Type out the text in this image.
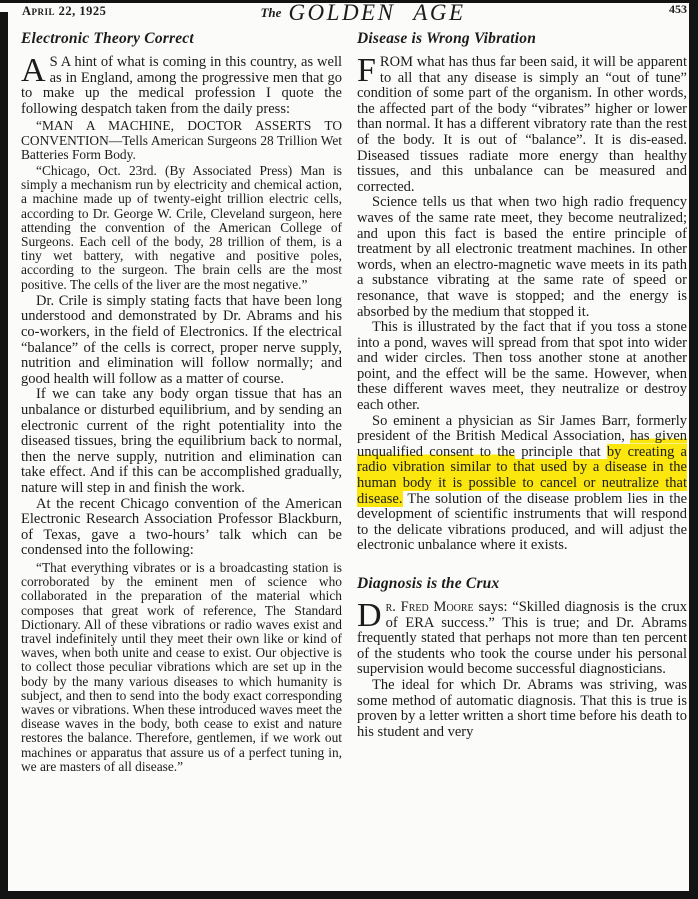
April 22, 1925	The GOLDEN AGE	453
Electronic Theory Correct

A S A hint of what is coming in this country, as well as in England, among the progressive men that go to make up the medical profession I quote the following despatch taken from the daily press:

“MAN A MACHINE, DOCTOR ASSERTS TO CONVENTION—Tells American Surgeons 28 Trillion Wet Batteries Form Body.

“Chicago, Oct. 23rd. (By Associated Press) Man is simply a mechanism run by electricity and chemical action, a machine made up of twenty-eight trillion electric cells, according to Dr. George W. Crile, Cleveland surgeon, here attending the convention of the American College of Surgeons. Each cell of the body, 28 trillion of them, is a tiny wet battery, with negative and positive poles, according to the surgeon. The brain cells are the most positive. The cells of the liver are the most negative.”

Dr. Crile is simply stating facts that have been long understood and demonstrated by Dr. Abrams and his co-workers, in the field of Electronics. If the electrical “balance” of the cells is correct, proper nerve supply, nutrition and elimination will follow normally; and good health will follow as a matter of course.

If we can take any body organ tissue that has an unbalance or disturbed equilibrium, and by sending an electronic current of the right potentiality into the diseased tissues, bring the equilibrium back to normal, then the nerve supply, nutrition and elimination can take effect. And if this can be accomplished gradually, nature will step in and finish the work.

At the recent Chicago convention of the American Electronic Research Association Professor Blackburn, of Texas, gave a two-hours’ talk which can be condensed into the following:

“That everything vibrates or is a broadcasting station is corroborated by the eminent men of science who collaborated in the preparation of the material which composes that great work of reference, The Standard Dictionary. All of these vibrations or radio waves exist and travel indefinitely until they meet their own like or kind of waves, when both unite and cease to exist. Our objective is to collect those peculiar vibrations which are set up in the body by the many various diseases to which humanity is subject, and then to send into the body exact corresponding waves or vibrations. When these introduced waves meet the disease waves in the body, both cease to exist and nature restores the balance. Therefore, gentlemen, if we work out machines or apparatus that assure us of a perfect tuning in, we are masters of all disease.”

Disease is Wrong Vibration

FROM what has thus far been said, it will be apparent to all that any disease is simply an “out of tune” condition of some part of the organism. In other words, the affected part of the body “vibrates” higher or lower than normal. It has a different vibratory rate than the rest of the body. It is out of “balance”. It is dis-eased. Diseased tissues radiate more energy than healthy tissues, and this unbalance can be measured and corrected.

Science tells us that when two high radio frequency waves of the same rate meet, they become neutralized; and upon this fact is based the entire principle of treatment by all electronic treatment machines. In other words, when an electro-magnetic wave meets in its path a substance vibrating at the same rate of speed or resonance, that wave is stopped; and the energy is absorbed by the medium that stopped it.

This is illustrated by the fact that if you toss a stone into a pond, waves will spread from that spot into wider and wider circles. Then toss another stone at another point, and the effect will be the same. However, when these different waves meet, they neutralize or destroy each other.

So eminent a physician as Sir James Barr, formerly president of the British Medical Association, has given unqualified consent to the principle that by creating a radio vibration similar to that used by a disease in the human body it is possible to cancel or neutralize that disease. The solution of the disease problem lies in the development of scientific instruments that will respond to the delicate vibrations produced, and will adjust the electronic unbalance where it exists.

Diagnosis is the Crux

Dr. Fred Moore says: “Skilled diagnosis is the crux of ERA success.” This is true; and Dr. Abrams frequently stated that perhaps not more than ten percent of the students who took the course under his personal supervision would become successful diagnosticians.

The ideal for which Dr. Abrams was striving, was some method of automatic diagnosis. That this is true is proven by a letter written a short time before his death to his student and very
